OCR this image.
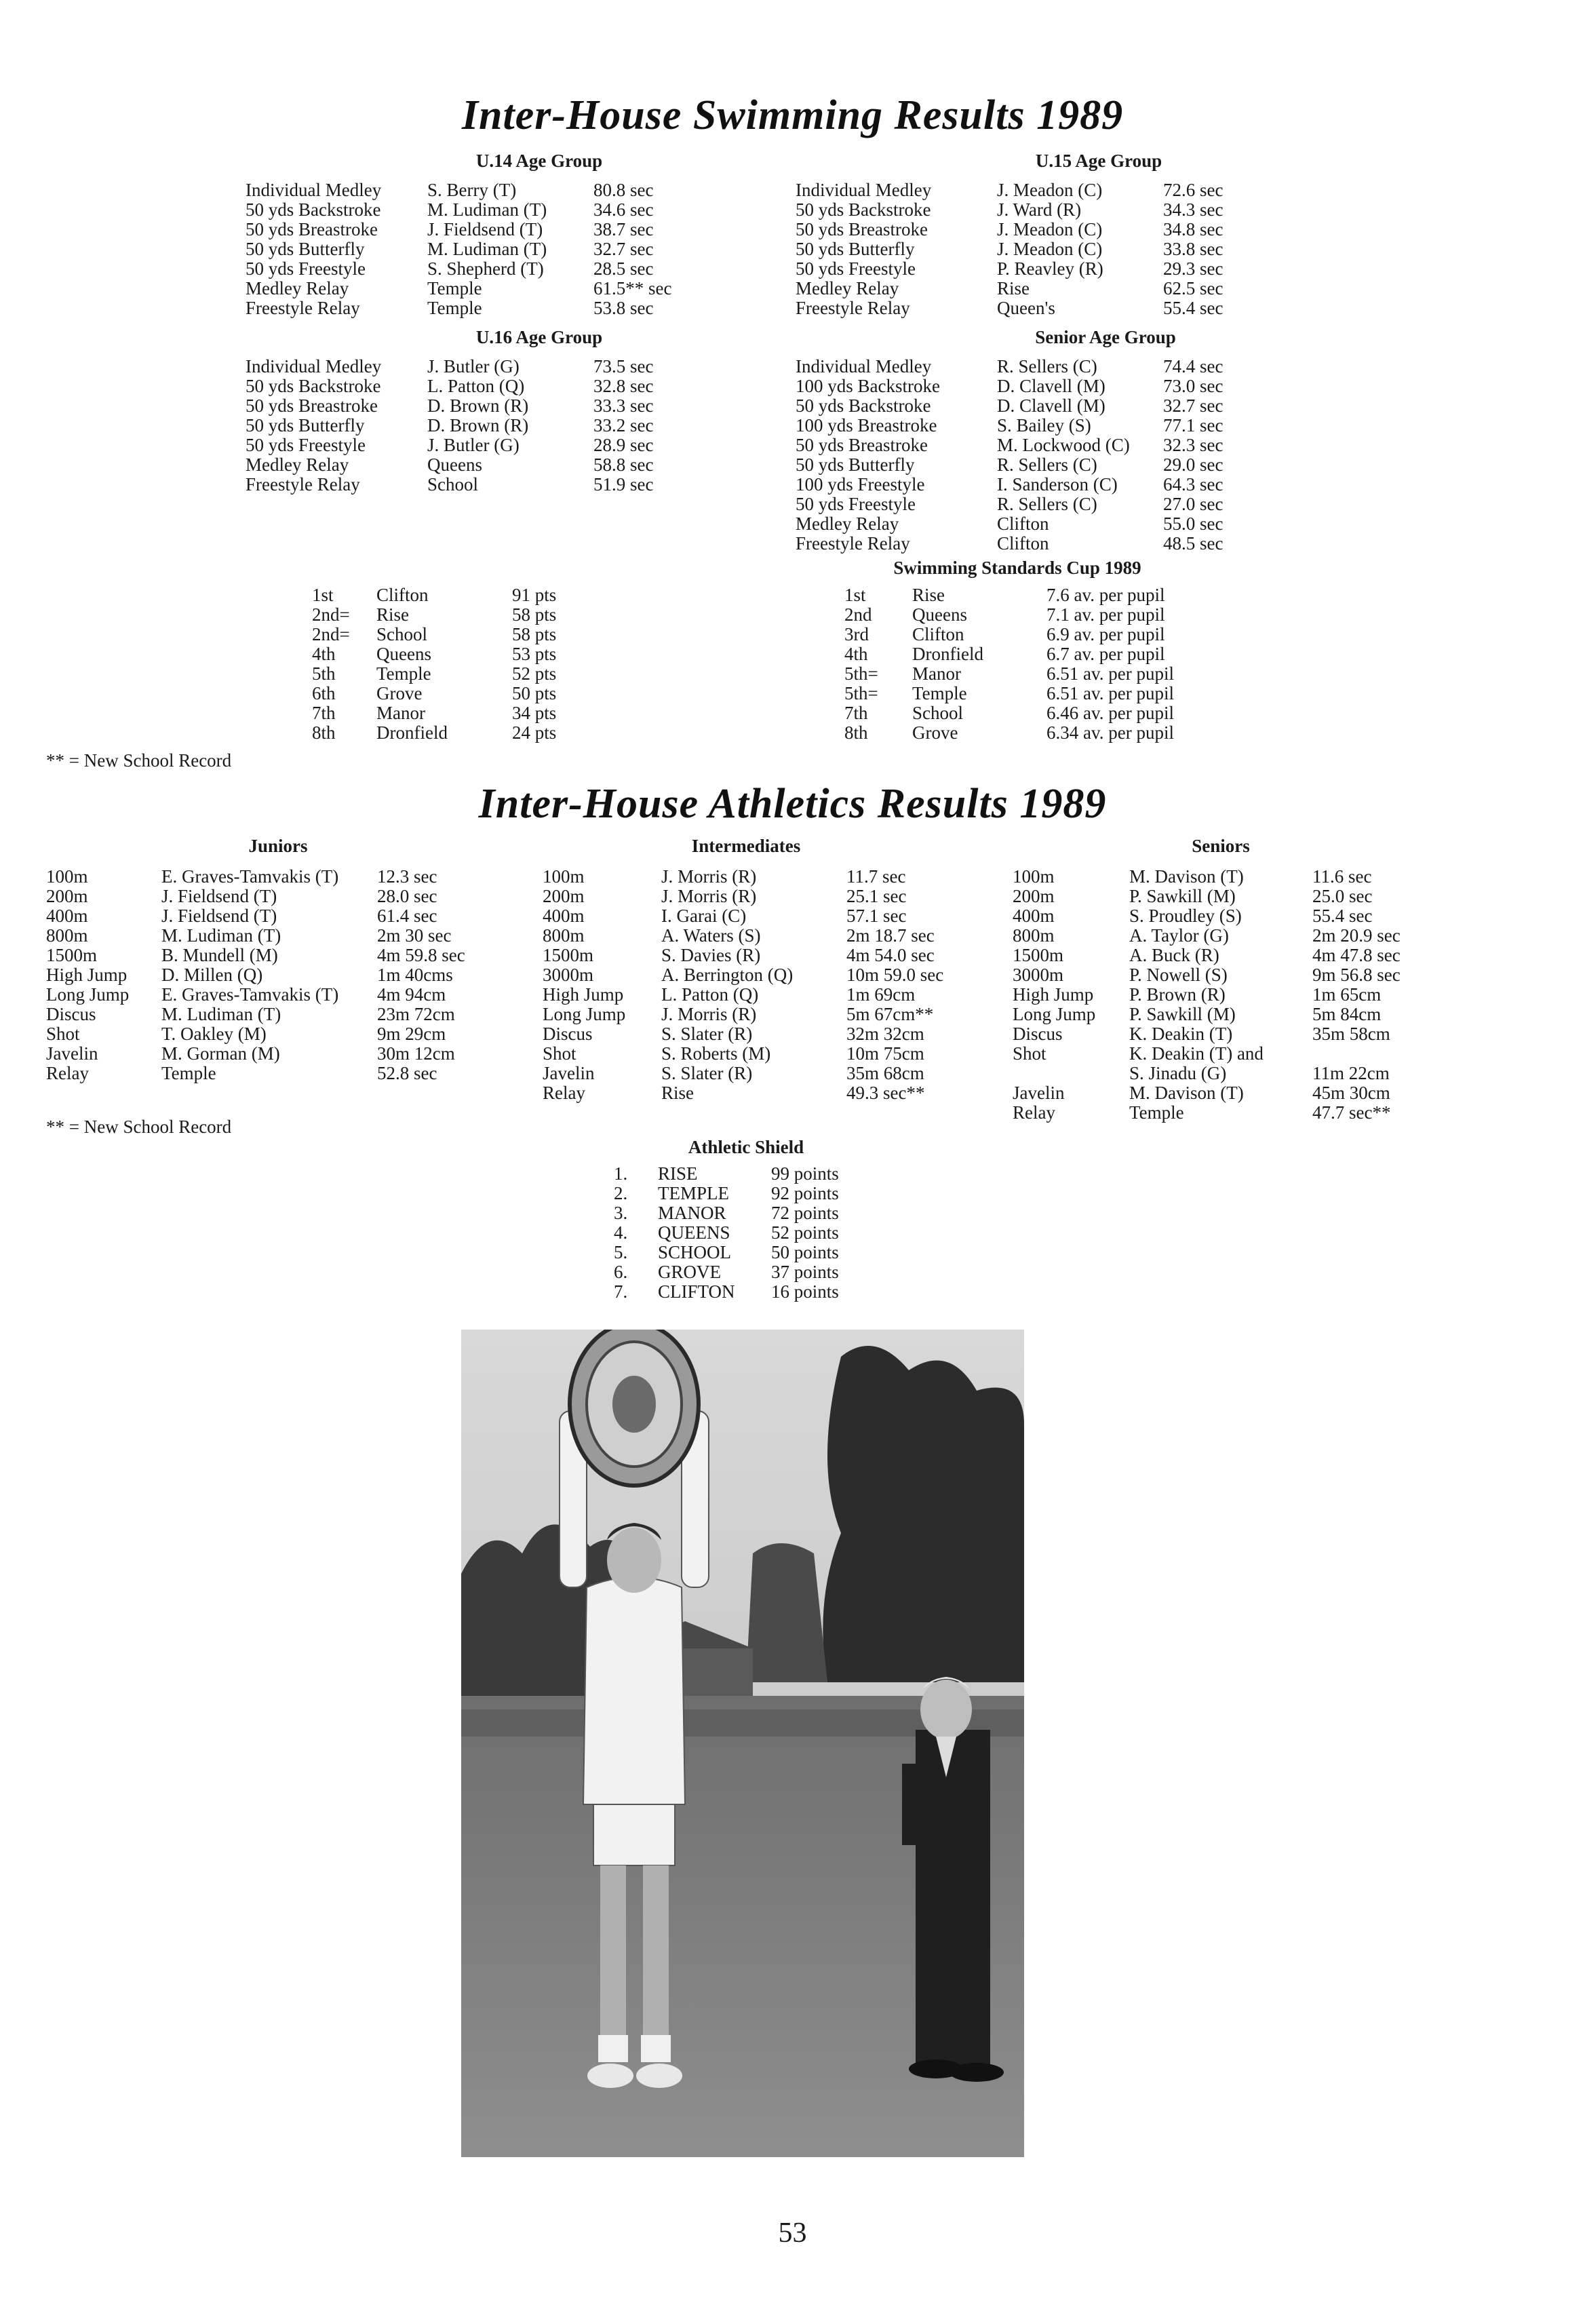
Inter-House Swimming Results 1989
U.14 Age Group
Individual Medley	S. Berry (T)	80.8 sec
50 yds Backstroke	M. Ludiman (T)	34.6 sec
50 yds Breastroke	J. Fieldsend (T)	38.7 sec
50 yds Butterfly	M. Ludiman (T)	32.7 sec
50 yds Freestyle	S. Shepherd (T)	28.5 sec
Medley Relay	Temple	61.5** sec
Freestyle Relay	Temple	53.8 sec
U.15 Age Group
Individual Medley	J. Meadon (C)	72.6 sec
50 yds Backstroke	J. Ward (R)	34.3 sec
50 yds Breastroke	J. Meadon (C)	34.8 sec
50 yds Butterfly	J. Meadon (C)	33.8 sec
50 yds Freestyle	P. Reavley (R)	29.3 sec
Medley Relay	Rise	62.5 sec
Freestyle Relay	Queen's	55.4 sec
U.16 Age Group
Individual Medley	J. Butler (G)	73.5 sec
50 yds Backstroke	L. Patton (Q)	32.8 sec
50 yds Breastroke	D. Brown (R)	33.3 sec
50 yds Butterfly	D. Brown (R)	33.2 sec
50 yds Freestyle	J. Butler (G)	28.9 sec
Medley Relay	Queens	58.8 sec
Freestyle Relay	School	51.9 sec
Senior Age Group
Individual Medley	R. Sellers (C)	74.4 sec
100 yds Backstroke	D. Clavell (M)	73.0 sec
50 yds Backstroke	D. Clavell (M)	32.7 sec
100 yds Breastroke	S. Bailey (S)	77.1 sec
50 yds Breastroke	M. Lockwood (C) 32.3 sec
50 yds Butterfly	R. Sellers (C)	29.0 sec
100 yds Freestyle	I. Sanderson (C) 64.3 sec
50 yds Freestyle	R. Sellers (C)	27.0 sec
Medley Relay	Clifton	55.0 sec
Freestyle Relay	Clifton	48.5 sec
Swimming Standards Cup 1989
1st Clifton	91 pts
2nd= Rise	58 pts
2nd= School	58 pts
4th Queens	53 pts
5th Temple	52 pts
6th Grove	50 pts
7th Manor	34 pts
8th Dronfield	24 pts
1st	Rise	7.6 av. per pupil
2nd Queens	7.1 av. per pupil
3rd Clifton	6.9 av. per pupil
4th Dronfield	6.7 av. per pupil
5th= Manor	6.51 av. per pupil
5th= Temple	6.51 av. per pupil
7th School	6.46 av. per pupil
8th Grove	6.34 av. per pupil
** = New School Record
Inter-House Athletics Results 1989
Juniors
100m	E. Graves-Tamvakis (T) 12.3 sec
200m	J. Fieldsend (T)	28.0 sec
400m	J. Fieldsend (T)	61.4 sec
800m	M. Ludiman (T)	2m 30 sec
1500m	B. Mundell (M)	4m 59.8 sec
High Jump D. Millen (Q)	1m 40cms
Long Jump E. Graves-Tamvakis (T) 4m 94cm
Discus	M. Ludiman (T)	23m 72cm
Shot	T. Oakley (M)	9m 29cm
Javelin	M. Gorman (M)	30m 12cm
Relay	Temple	52.8 sec
Intermediates
100m	J. Morris (R)	11.7 sec
200m	J. Morris (R)	25.1 sec
400m	I. Garai (C)	57.1 sec
800m	A. Waters (S)	2m 18.7 sec
1500m	S. Davies (R)	4m 54.0 sec
3000m	A. Berrington (Q)	10m 59.0 sec
High Jump L. Patton (Q)	1m 69cm
Long Jump J. Morris (R)	5m 67cm**
Discus	S. Slater (R)	32m 32cm
Shot	S. Roberts (M)	10m 75cm
Javelin	S. Slater (R)	35m 68cm
Relay	Rise	49.3 sec**
Seniors
100m	M. Davison (T)	11.6 sec
200m	P. Sawkill (M)	25.0 sec
400m	S. Proudley (S)	55.4 sec
800m	A. Taylor (G)	2m 20.9 sec
1500m	A. Buck (R)	4m 47.8 sec
3000m	P. Nowell (S)	9m 56.8 sec
High Jump P. Brown (R)	1m 65cm
Long Jump P. Sawkill (M)	5m 84cm
Discus	K. Deakin (T)	35m 58cm
Shot	K. Deakin (T) and
S. Jinadu (G)	11m 22cm
Javelin	M. Davison (T)	45m 30cm
Relay	Temple	47.7 sec**
** = New School Record
Athletic Shield
1. RISE	99 points
2. TEMPLE 92 points
3. MANOR 72 points
4. QUEENS 52 points
5. SCHOOL 50 points
6. GROVE	37 points
7. CLIFTON 16 points
53
